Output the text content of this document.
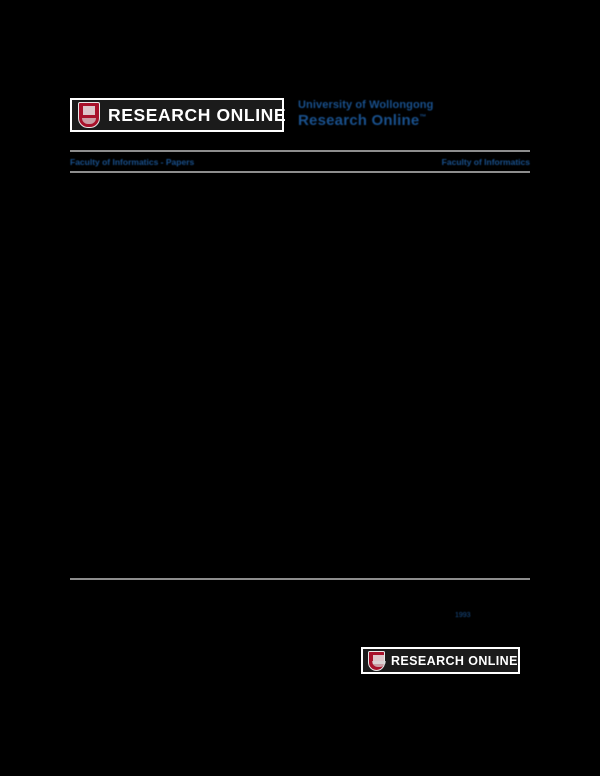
RESEARCH ONLINE University of Wollongong
Research Online™
Faculty of Informatics - Papers	Faculty of Informatics
1993
RESEARCH ONLINE
